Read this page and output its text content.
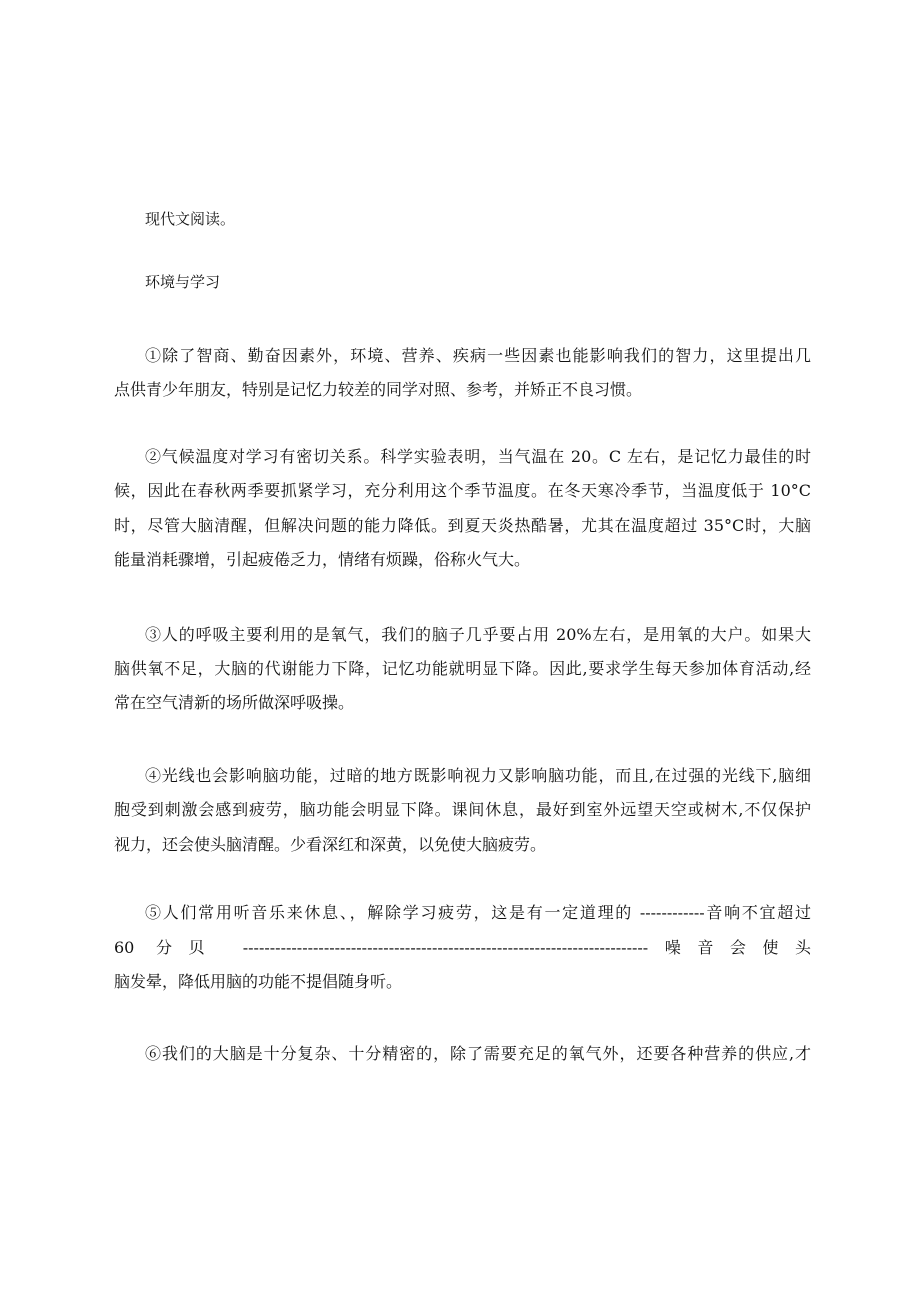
现代文阅读。

环境与学习

①除了智商、勤奋因素外，环境、营养、疾病一些因素也能影响我们的智力，这里提出几

点供青少年朋友，特别是记忆力较差的同学对照、参考，并矫正不良习惯。

②气候温度对学习有密切关系。科学实验表明，当气温在 20。C 左右，是记忆力最佳的时

候，因此在春秋两季要抓紧学习，充分利用这个季节温度。在冬天寒冷季节，当温度低于 10°C

时，尽管大脑清醒，但解决问题的能力降低。到夏天炎热酷暑，尤其在温度超过 35°C时，大脑

能量消耗骤增，引起疲倦乏力，情绪有烦躁，俗称火气大。

③人的呼吸主要利用的是氧气，我们的脑子几乎要占用 20%左右，是用氧的大户。如果大

脑供氧不足，大脑的代谢能力下降，记忆功能就明显下降。因此,要求学生每天参加体育活动,经

常在空气清新的场所做深呼吸操。

④光线也会影响脑功能，过暗的地方既影响视力又影响脑功能，而且,在过强的光线下,脑细

胞受到刺激会感到疲劳，脑功能会明显下降。课间休息，最好到室外远望天空或树木,不仅保护

视力，还会使头脑清醒。少看深红和深黄，以免使大脑疲劳。

⑤人们常用听音乐来休息、，解除学习疲劳，这是有一定道理的 ------------音响不宜超过

60 分贝 ---------------------------------------------------------------------------噪音会使头

脑发晕，降低用脑的功能不提倡随身听。

⑥我们的大脑是十分复杂、十分精密的，除了需要充足的氧气外，还要各种营养的供应,才
